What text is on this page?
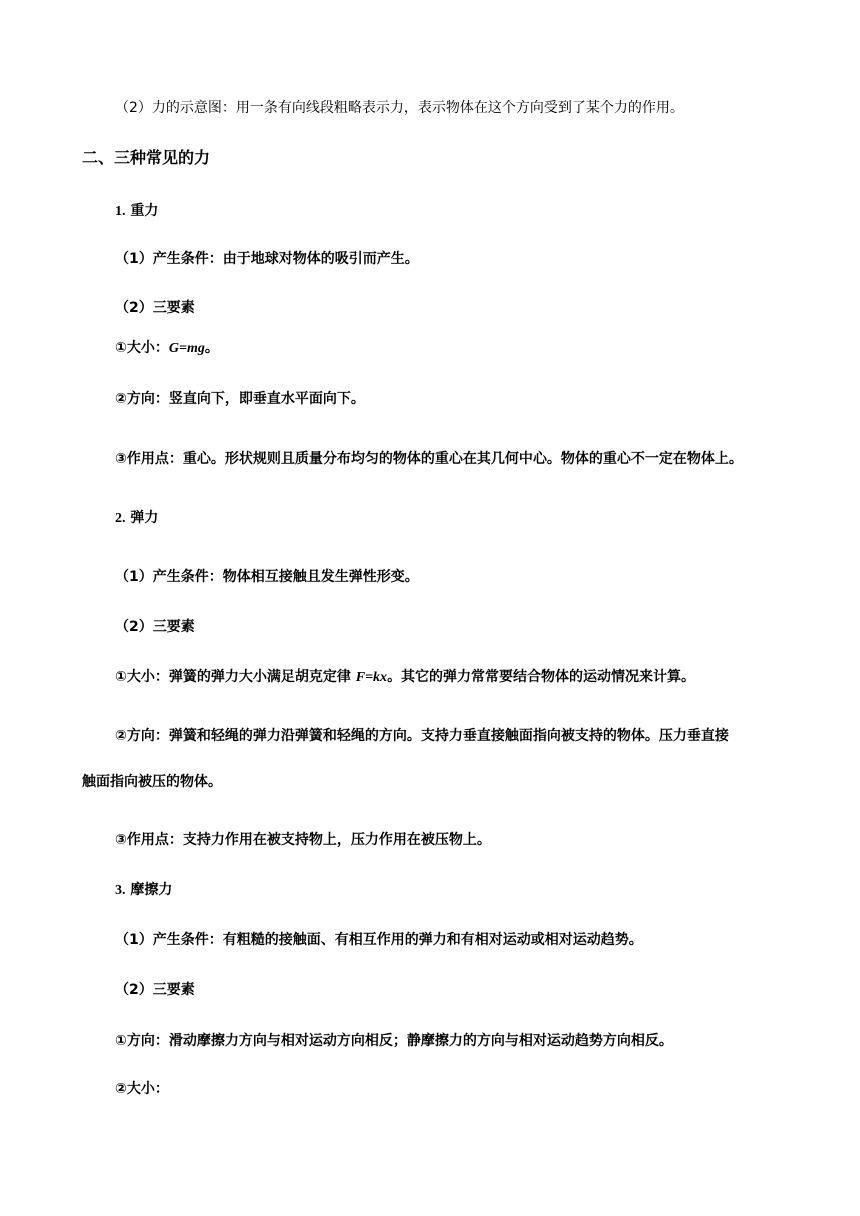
（2）力的示意图：用一条有向线段粗略表示力，表示物体在这个方向受到了某个力的作用。
二、三种常见的力
1. 重力
（1）产生条件：由于地球对物体的吸引而产生。
（2）三要素
①大小：G=mg。
②方向：竖直向下，即垂直水平面向下。
③作用点：重心。形状规则且质量分布均匀的物体的重心在其几何中心。物体的重心不一定在物体上。
2. 弹力
（1）产生条件：物体相互接触且发生弹性形变。
（2）三要素
①大小：弹簧的弹力大小满足胡克定律 F=kx。其它的弹力常常要结合物体的运动情况来计算。
②方向：弹簧和轻绳的弹力沿弹簧和轻绳的方向。支持力垂直接触面指向被支持的物体。压力垂直接
触面指向被压的物体。
③作用点：支持力作用在被支持物上，压力作用在被压物上。
3. 摩擦力
（1）产生条件：有粗糙的接触面、有相互作用的弹力和有相对运动或相对运动趋势。
（2）三要素
①方向：滑动摩擦力方向与相对运动方向相反；静摩擦力的方向与相对运动趋势方向相反。
②大小：
